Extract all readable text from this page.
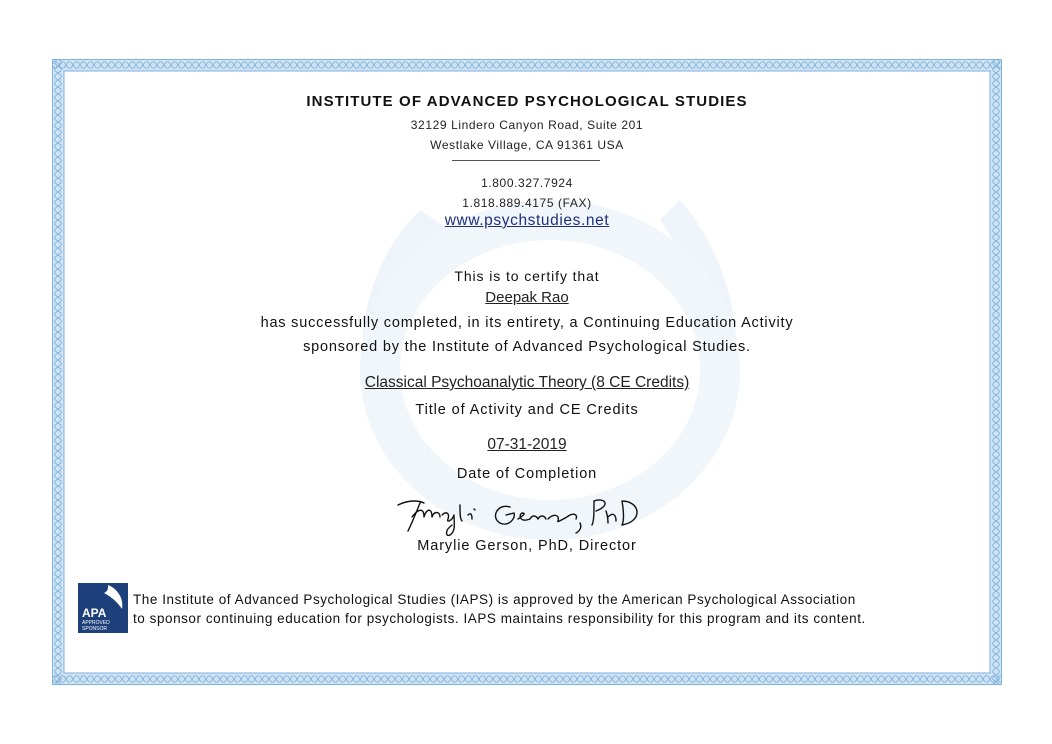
INSTITUTE OF ADVANCED PSYCHOLOGICAL STUDIES
32129 Lindero Canyon Road, Suite 201
Westlake Village, CA 91361 USA
1.800.327.7924
1.818.889.4175 (FAX)
www.psychstudies.net
This is to certify that
Deepak Rao
has successfully completed, in its entirety, a Continuing Education Activity
sponsored by the Institute of Advanced Psychological Studies.
Classical Psychoanalytic Theory (8 CE Credits)
Title of Activity and CE Credits
07-31-2019
Date of Completion
Marylie Gerson, PhD, Director
APA
APPROVED
SPONSOR
The Institute of Advanced Psychological Studies (IAPS) is approved by the American Psychological Association
to sponsor continuing education for psychologists. IAPS maintains responsibility for this program and its content.
